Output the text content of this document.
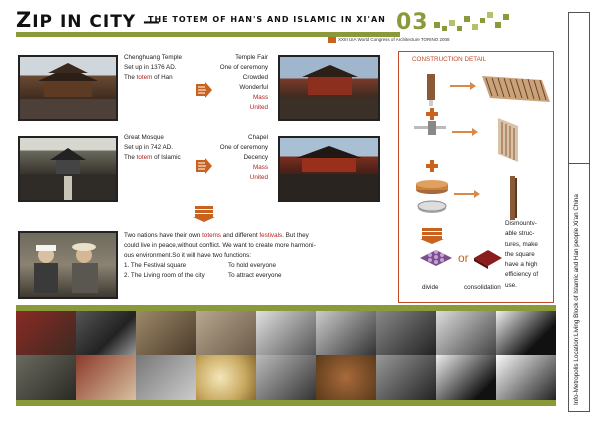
ZIP IN CITY —
THE TOTEM OF HAN'S AND ISLAMIC IN XI'AN 03
XXIII UIA World Congress of Architecture TORINO 2008
Chenghuang Temple
Set up in 1376 AD.
The totem of Han
Temple Fair
One of ceremony
Crowded
Wonderful
Mass
United
Great Mosque
Set up in 742 AD.
The totem of Islamic
Chapel
One of ceremony
Decency
Mass
United
Two nations have their own totems and different festivals. But they
could live in peace,without conflict. We want to create more harmoni-
ous environment.So it will have two functions:
1. The Festival square	To hold everyone
2. The Living room of the city	To attract everyone
CONSTRUCTION DETAIL
or
divide	consolidation
Dismountv-
able struc-
tures, make
the square
have a high
efficiency of
use.	Info-Metropolis Location:Living Block of Islamic and Han people Xi'an China
